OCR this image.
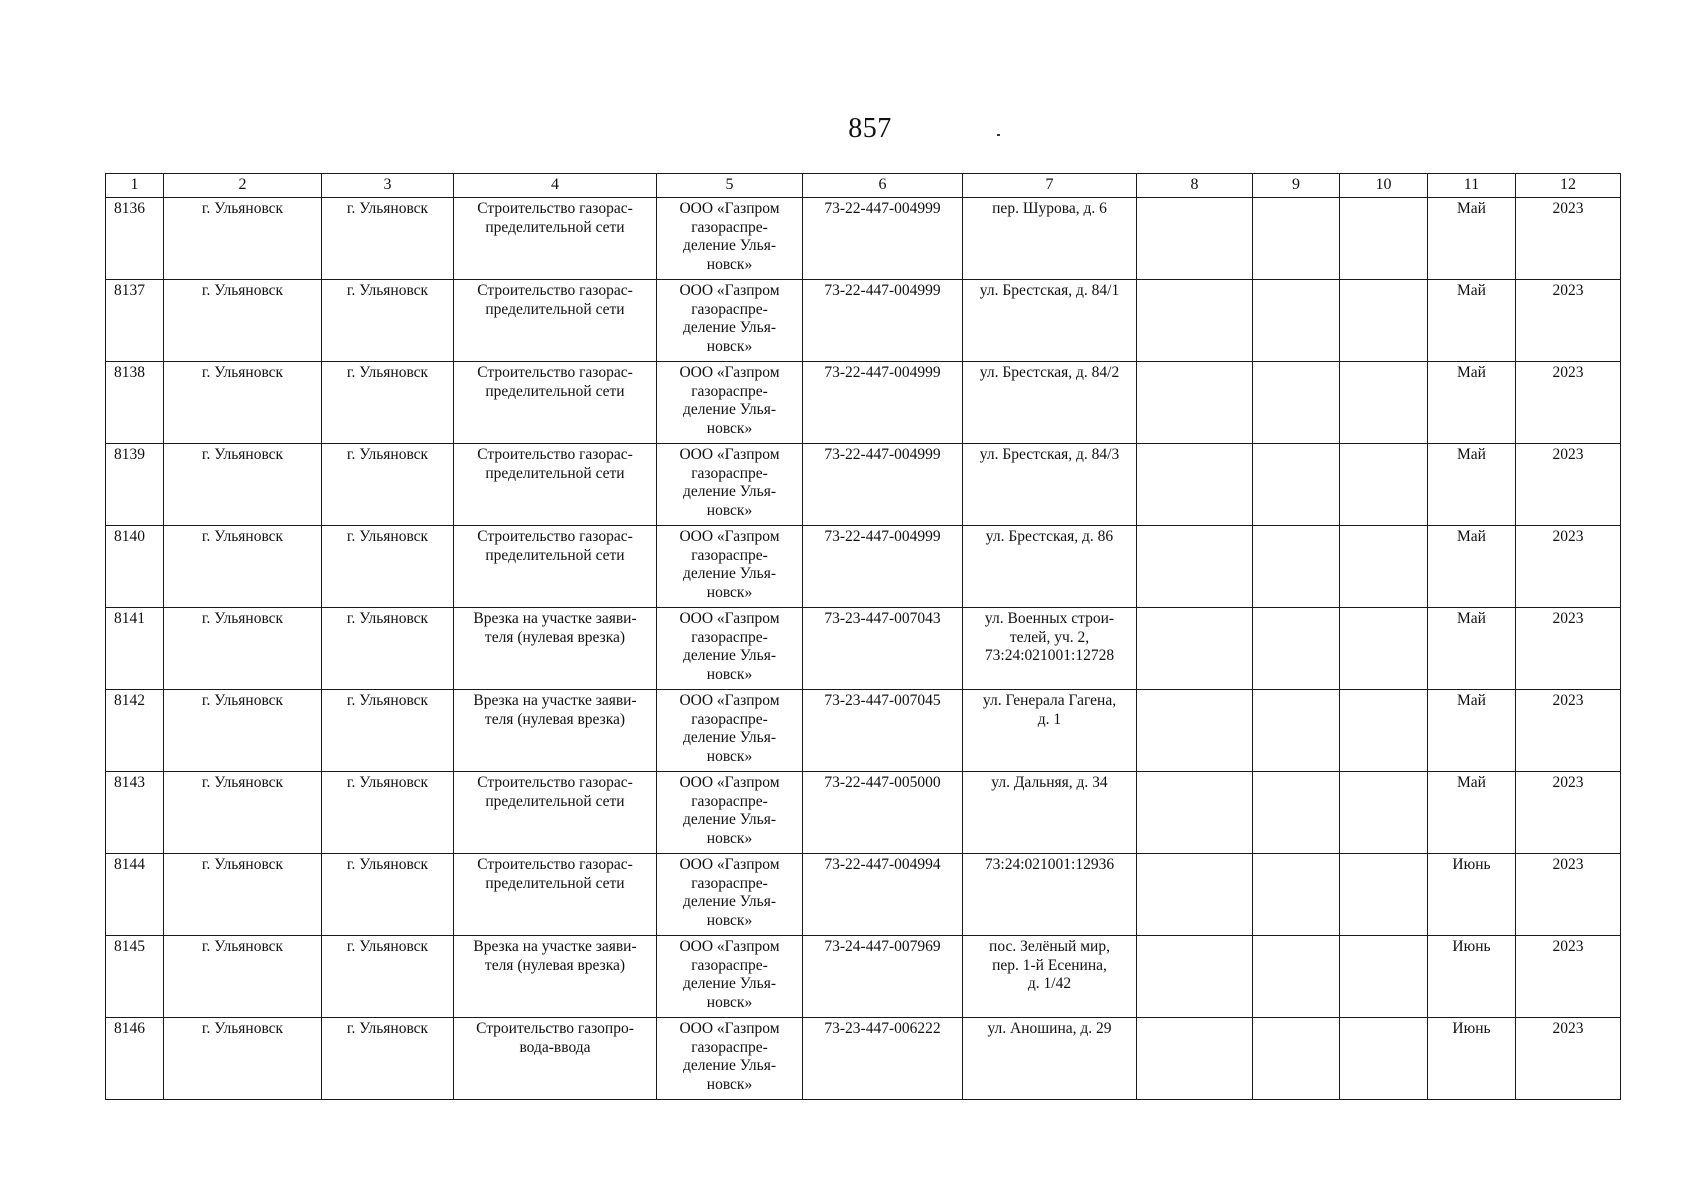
857
1	2	3	4	5	6	7	8	9	10	11	12
8136	г. Ульяновск	г. Ульяновск	Строительство газорас-
пределительной сети	ООО «Газпром
газораспре-
деление Улья-
новск»	73-22-447-004999	пер. Шурова, д. 6				Май	2023
8137	г. Ульяновск	г. Ульяновск	Строительство газорас-
пределительной сети	ООО «Газпром
газораспре-
деление Улья-
новск»	73-22-447-004999	ул. Брестская, д. 84/1				Май	2023
8138	г. Ульяновск	г. Ульяновск	Строительство газорас-
пределительной сети	ООО «Газпром
газораспре-
деление Улья-
новск»	73-22-447-004999	ул. Брестская, д. 84/2				Май	2023
8139	г. Ульяновск	г. Ульяновск	Строительство газорас-
пределительной сети	ООО «Газпром
газораспре-
деление Улья-
новск»	73-22-447-004999	ул. Брестская, д. 84/3				Май	2023
8140	г. Ульяновск	г. Ульяновск	Строительство газорас-
пределительной сети	ООО «Газпром
газораспре-
деление Улья-
новск»	73-22-447-004999	ул. Брестская, д. 86				Май	2023
8141	г. Ульяновск	г. Ульяновск	Врезка на участке заяви-
теля (нулевая врезка)	ООО «Газпром
газораспре-
деление Улья-
новск»	73-23-447-007043	ул. Военных строи-
телей, уч. 2,
73:24:021001:12728				Май	2023
8142	г. Ульяновск	г. Ульяновск	Врезка на участке заяви-
теля (нулевая врезка)	ООО «Газпром
газораспре-
деление Улья-
новск»	73-23-447-007045	ул. Генерала Гагена,
д. 1				Май	2023
8143	г. Ульяновск	г. Ульяновск	Строительство газорас-
пределительной сети	ООО «Газпром
газораспре-
деление Улья-
новск»	73-22-447-005000	ул. Дальняя, д. 34				Май	2023
8144	г. Ульяновск	г. Ульяновск	Строительство газорас-
пределительной сети	ООО «Газпром
газораспре-
деление Улья-
новск»	73-22-447-004994	73:24:021001:12936				Июнь	2023
8145	г. Ульяновск	г. Ульяновск	Врезка на участке заяви-
теля (нулевая врезка)	ООО «Газпром
газораспре-
деление Улья-
новск»	73-24-447-007969	пос. Зелёный мир,
пер. 1-й Есенина,
д. 1/42				Июнь	2023
8146	г. Ульяновск	г. Ульяновск	Строительство газопро-
вода-ввода	ООО «Газпром
газораспре-
деление Улья-
новск»	73-23-447-006222	ул. Аношина, д. 29				Июнь	2023
